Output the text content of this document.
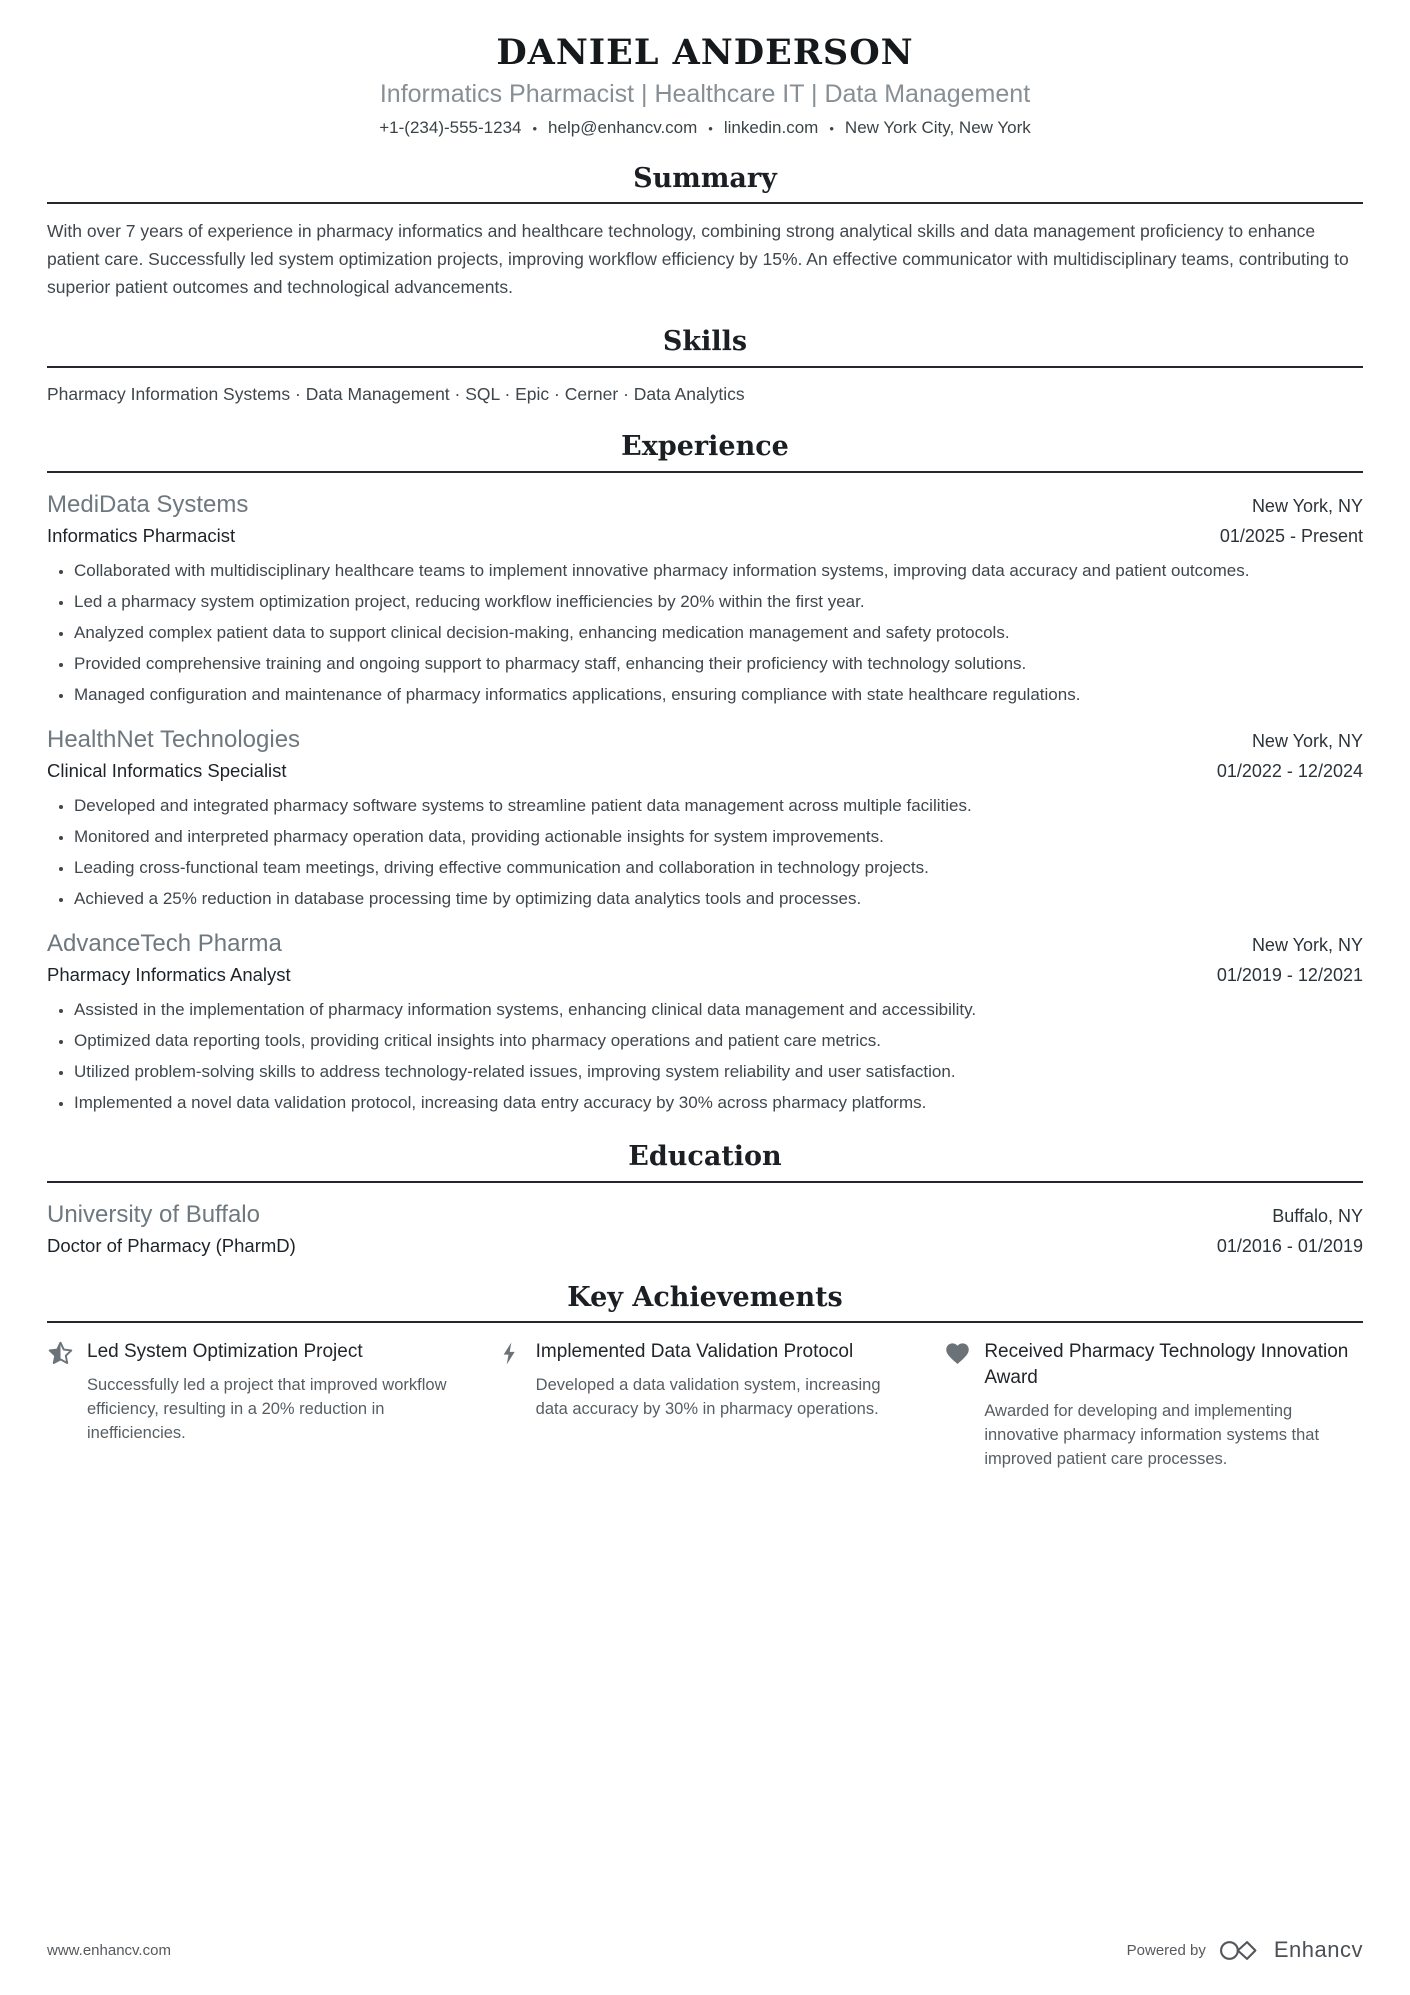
DANIEL ANDERSON
Informatics Pharmacist | Healthcare IT | Data Management
+1-(234)-555-1234 • help@enhancv.com • linkedin.com • New York City, New York
Summary

With over 7 years of experience in pharmacy informatics and healthcare technology, combining strong analytical skills and data management proficiency to enhance patient care. Successfully led system optimization projects, improving workflow efficiency by 15%. An effective communicator with multidisciplinary teams, contributing to superior patient outcomes and technological advancements.

Skills
Pharmacy Information Systems · Data Management · SQL · Epic · Cerner · Data Analytics
Experience
MediData Systems	New York, NY
Informatics Pharmacist	01/2025 - Present
• Collaborated with multidisciplinary healthcare teams to implement innovative pharmacy information systems, improving data accuracy and patient outcomes.
• Led a pharmacy system optimization project, reducing workflow inefficiencies by 20% within the first year.
• Analyzed complex patient data to support clinical decision-making, enhancing medication management and safety protocols.
• Provided comprehensive training and ongoing support to pharmacy staff, enhancing their proficiency with technology solutions.
• Managed configuration and maintenance of pharmacy informatics applications, ensuring compliance with state healthcare regulations.
HealthNet Technologies	New York, NY
Clinical Informatics Specialist	01/2022 - 12/2024
• Developed and integrated pharmacy software systems to streamline patient data management across multiple facilities.
• Monitored and interpreted pharmacy operation data, providing actionable insights for system improvements.
• Leading cross-functional team meetings, driving effective communication and collaboration in technology projects.
• Achieved a 25% reduction in database processing time by optimizing data analytics tools and processes.
AdvanceTech Pharma	New York, NY
Pharmacy Informatics Analyst	01/2019 - 12/2021
• Assisted in the implementation of pharmacy information systems, enhancing clinical data management and accessibility.
• Optimized data reporting tools, providing critical insights into pharmacy operations and patient care metrics.
• Utilized problem-solving skills to address technology-related issues, improving system reliability and user satisfaction.
• Implemented a novel data validation protocol, increasing data entry accuracy by 30% across pharmacy platforms.
Education
University of Buffalo	Buffalo, NY
Doctor of Pharmacy (PharmD)	01/2016 - 01/2019
Key Achievements
Led System Optimization Project
Successfully led a project that improved workflow efficiency, resulting in a 20% reduction in inefficiencies.
Implemented Data Validation Protocol
Developed a data validation system, increasing data accuracy by 30% in pharmacy operations.
Received Pharmacy Technology Innovation Award
Awarded for developing and implementing innovative pharmacy information systems that improved patient care processes.
www.enhancv.com	Powered by	Enhancv
